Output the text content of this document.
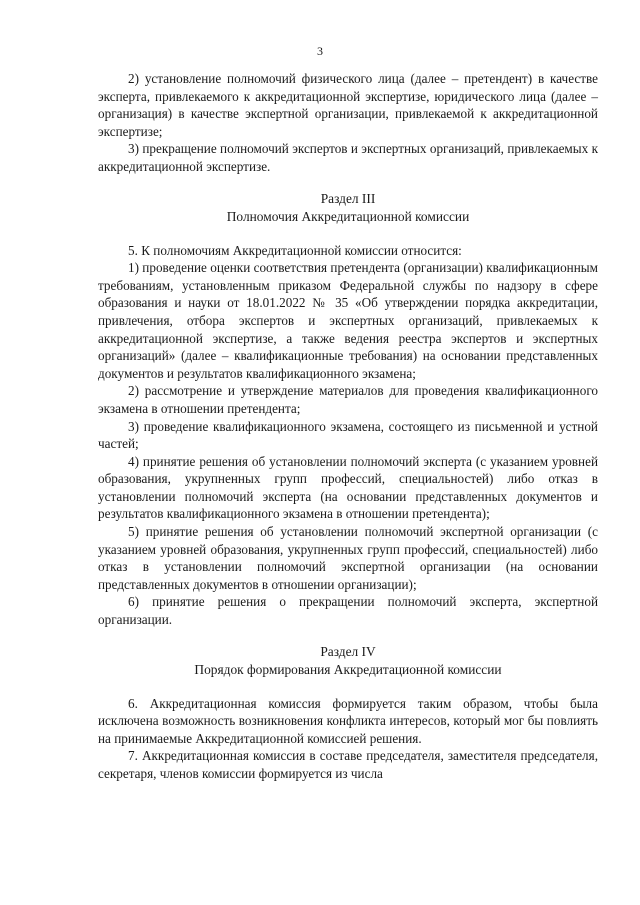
3

2) установление полномочий физического лица (далее – претендент) в качестве эксперта, привлекаемого к аккредитационной экспертизе, юридического лица (далее – организация) в качестве экспертной организации, привлекаемой к аккредитационной экспертизе;

3) прекращение полномочий экспертов и экспертных организаций, привлекаемых к аккредитационной экспертизе.

Раздел III

Полномочия Аккредитационной комиссии

5. К полномочиям Аккредитационной комиссии относится:

1) проведение оценки соответствия претендента (организации) квалификационным требованиям, установленным приказом Федеральной службы по надзору в сфере образования и науки от 18.01.2022 № 35 «Об утверждении порядка аккредитации, привлечения, отбора экспертов и экспертных организаций, привлекаемых к аккредитационной экспертизе, а также ведения реестра экспертов и экспертных организаций» (далее – квалификационные требования) на основании представленных документов и результатов квалификационного экзамена;

2) рассмотрение и утверждение материалов для проведения квалификационного экзамена в отношении претендента;

3) проведение квалификационного экзамена, состоящего из письменной и устной частей;

4) принятие решения об установлении полномочий эксперта (с указанием уровней образования, укрупненных групп профессий, специальностей) либо отказ в установлении полномочий эксперта (на основании представленных документов и результатов квалификационного экзамена в отношении претендента);

5) принятие решения об установлении полномочий экспертной организации (с указанием уровней образования, укрупненных групп профессий, специальностей) либо отказ в установлении полномочий экспертной организации (на основании представленных документов в отношении организации);

6) принятие решения о прекращении полномочий эксперта, экспертной организации.

Раздел IV

Порядок формирования Аккредитационной комиссии

6. Аккредитационная комиссия формируется таким образом, чтобы была исключена возможность возникновения конфликта интересов, который мог бы повлиять на принимаемые Аккредитационной комиссией решения.

7. Аккредитационная комиссия в составе председателя, заместителя председателя, секретаря, членов комиссии формируется из числа
